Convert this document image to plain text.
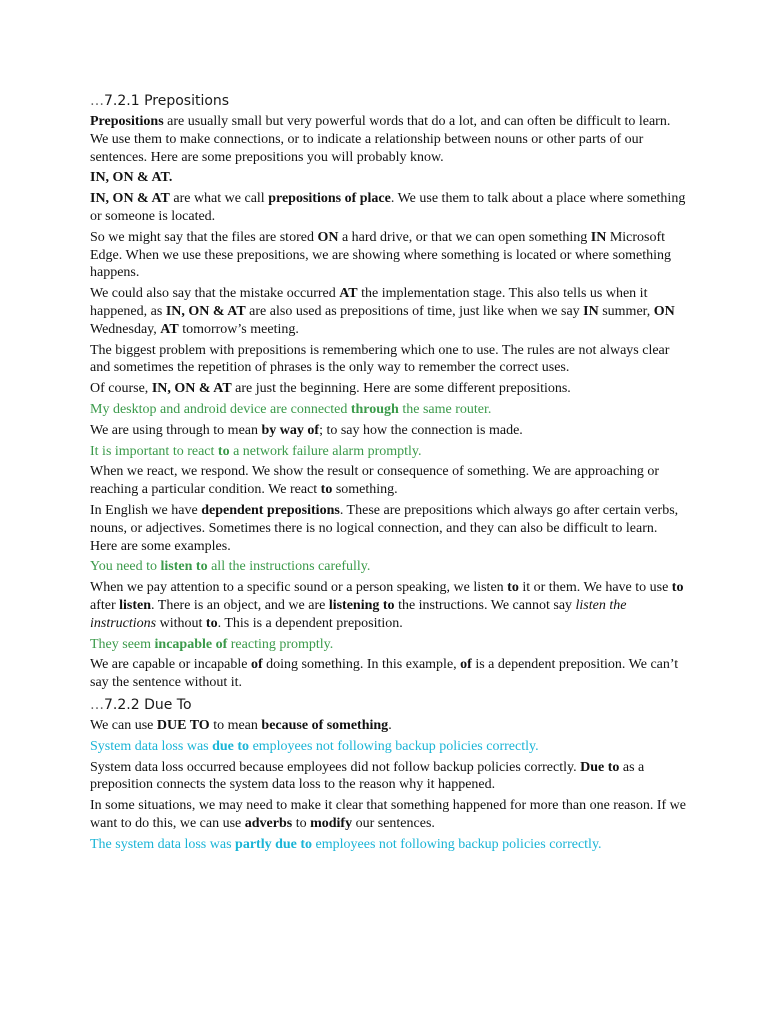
…7.2.1 Prepositions

Prepositions are usually small but very powerful words that do a lot, and can often be difficult to learn. We use them to make connections, or to indicate a relationship between nouns or other parts of our sentences. Here are some prepositions you will probably know.

IN, ON & AT.

IN, ON & AT are what we call prepositions of place. We use them to talk about a place where something or someone is located.

So we might say that the files are stored ON a hard drive, or that we can open something IN Microsoft Edge. When we use these prepositions, we are showing where something is located or where something happens.

We could also say that the mistake occurred AT the implementation stage. This also tells us when it happened, as IN, ON & AT are also used as prepositions of time, just like when we say IN summer, ON Wednesday, AT tomorrow’s meeting.

The biggest problem with prepositions is remembering which one to use. The rules are not always clear and sometimes the repetition of phrases is the only way to remember the correct uses.

Of course, IN, ON & AT are just the beginning. Here are some different prepositions.

My desktop and android device are connected through the same router.

We are using through to mean by way of; to say how the connection is made.

It is important to react to a network failure alarm promptly.

When we react, we respond. We show the result or consequence of something. We are approaching or reaching a particular condition. We react to something.

In English we have dependent prepositions. These are prepositions which always go after certain verbs, nouns, or adjectives. Sometimes there is no logical connection, and they can also be difficult to learn. Here are some examples.

You need to listen to all the instructions carefully.

When we pay attention to a specific sound or a person speaking, we listen to it or them. We have to use to after listen. There is an object, and we are listening to the instructions. We cannot say listen the instructions without to. This is a dependent preposition.

They seem incapable of reacting promptly.

We are capable or incapable of doing something. In this example, of is a dependent preposition. We can’t say the sentence without it.

…7.2.2 Due To

We can use DUE TO to mean because of something.

System data loss was due to employees not following backup policies correctly.

System data loss occurred because employees did not follow backup policies correctly. Due to as a preposition connects the system data loss to the reason why it happened.

In some situations, we may need to make it clear that something happened for more than one reason. If we want to do this, we can use adverbs to modify our sentences.

The system data loss was partly due to employees not following backup policies correctly.
